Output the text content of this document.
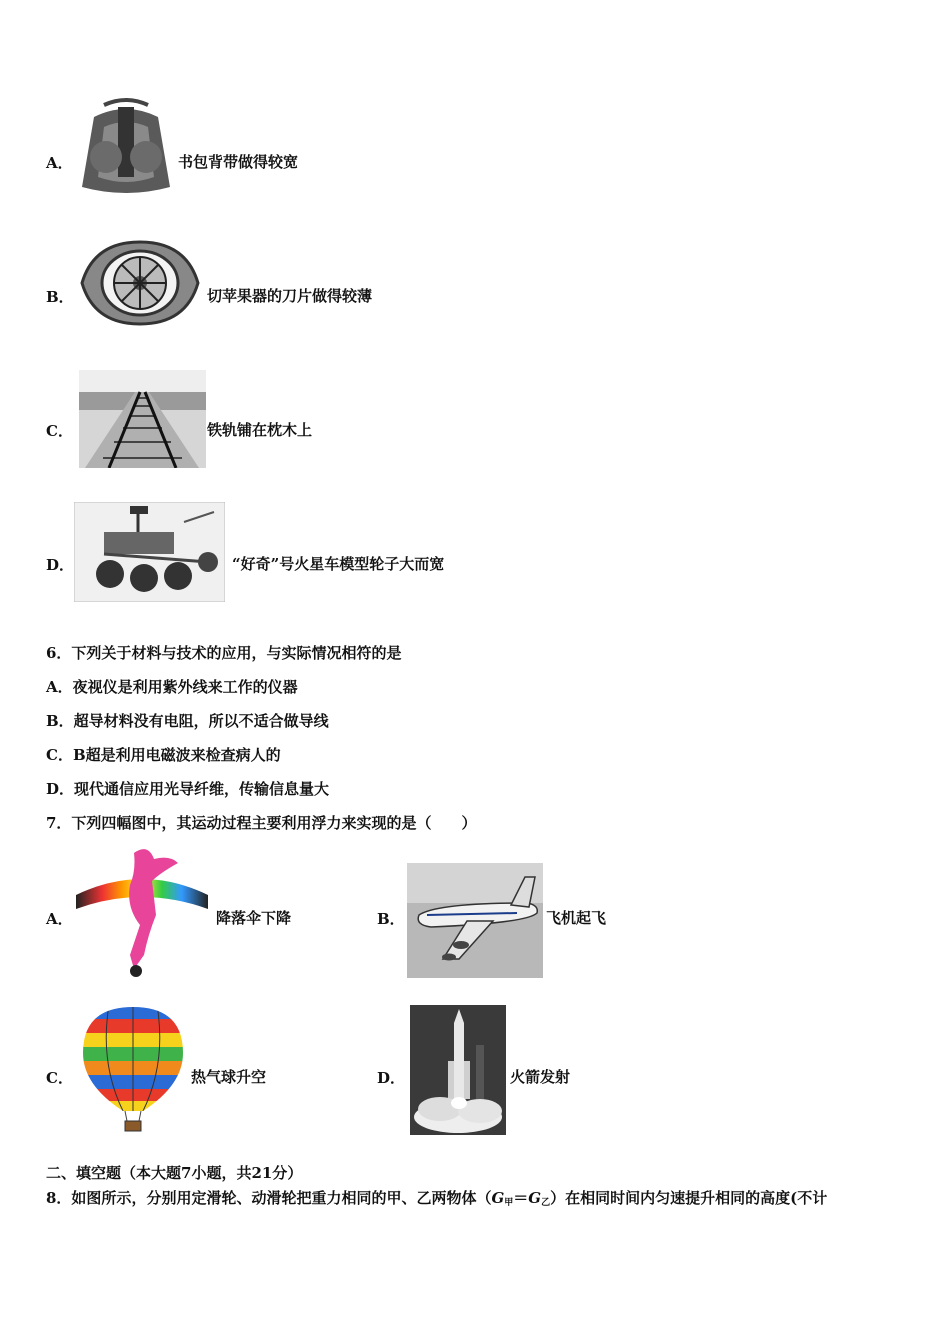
A．	书包背带做得较宽
B．	切苹果器的刀片做得较薄
C．	铁轨铺在枕木上
D．	“好奇”号火星车模型轮子大而宽
6．下列关于材料与技术的应用，与实际情况相符的是
A．夜视仪是利用紫外线来工作的仪器
B．超导材料没有电阻，所以不适合做导线
C．B超是利用电磁波来检查病人的
D．现代通信应用光导纤维，传输信息量大
7．下列四幅图中，其运动过程主要利用浮力来实现的是（　　）
A．	降落伞下降	B．	飞机起飞
C．	热气球升空	D．	火箭发射
二、填空题（本大题7小题，共21分）
8．如图所示，分别用定滑轮、动滑轮把重力相同的甲、乙两物体$(G_甲=G_乙)$在相同时间内匀速提升相同的高度(不计
